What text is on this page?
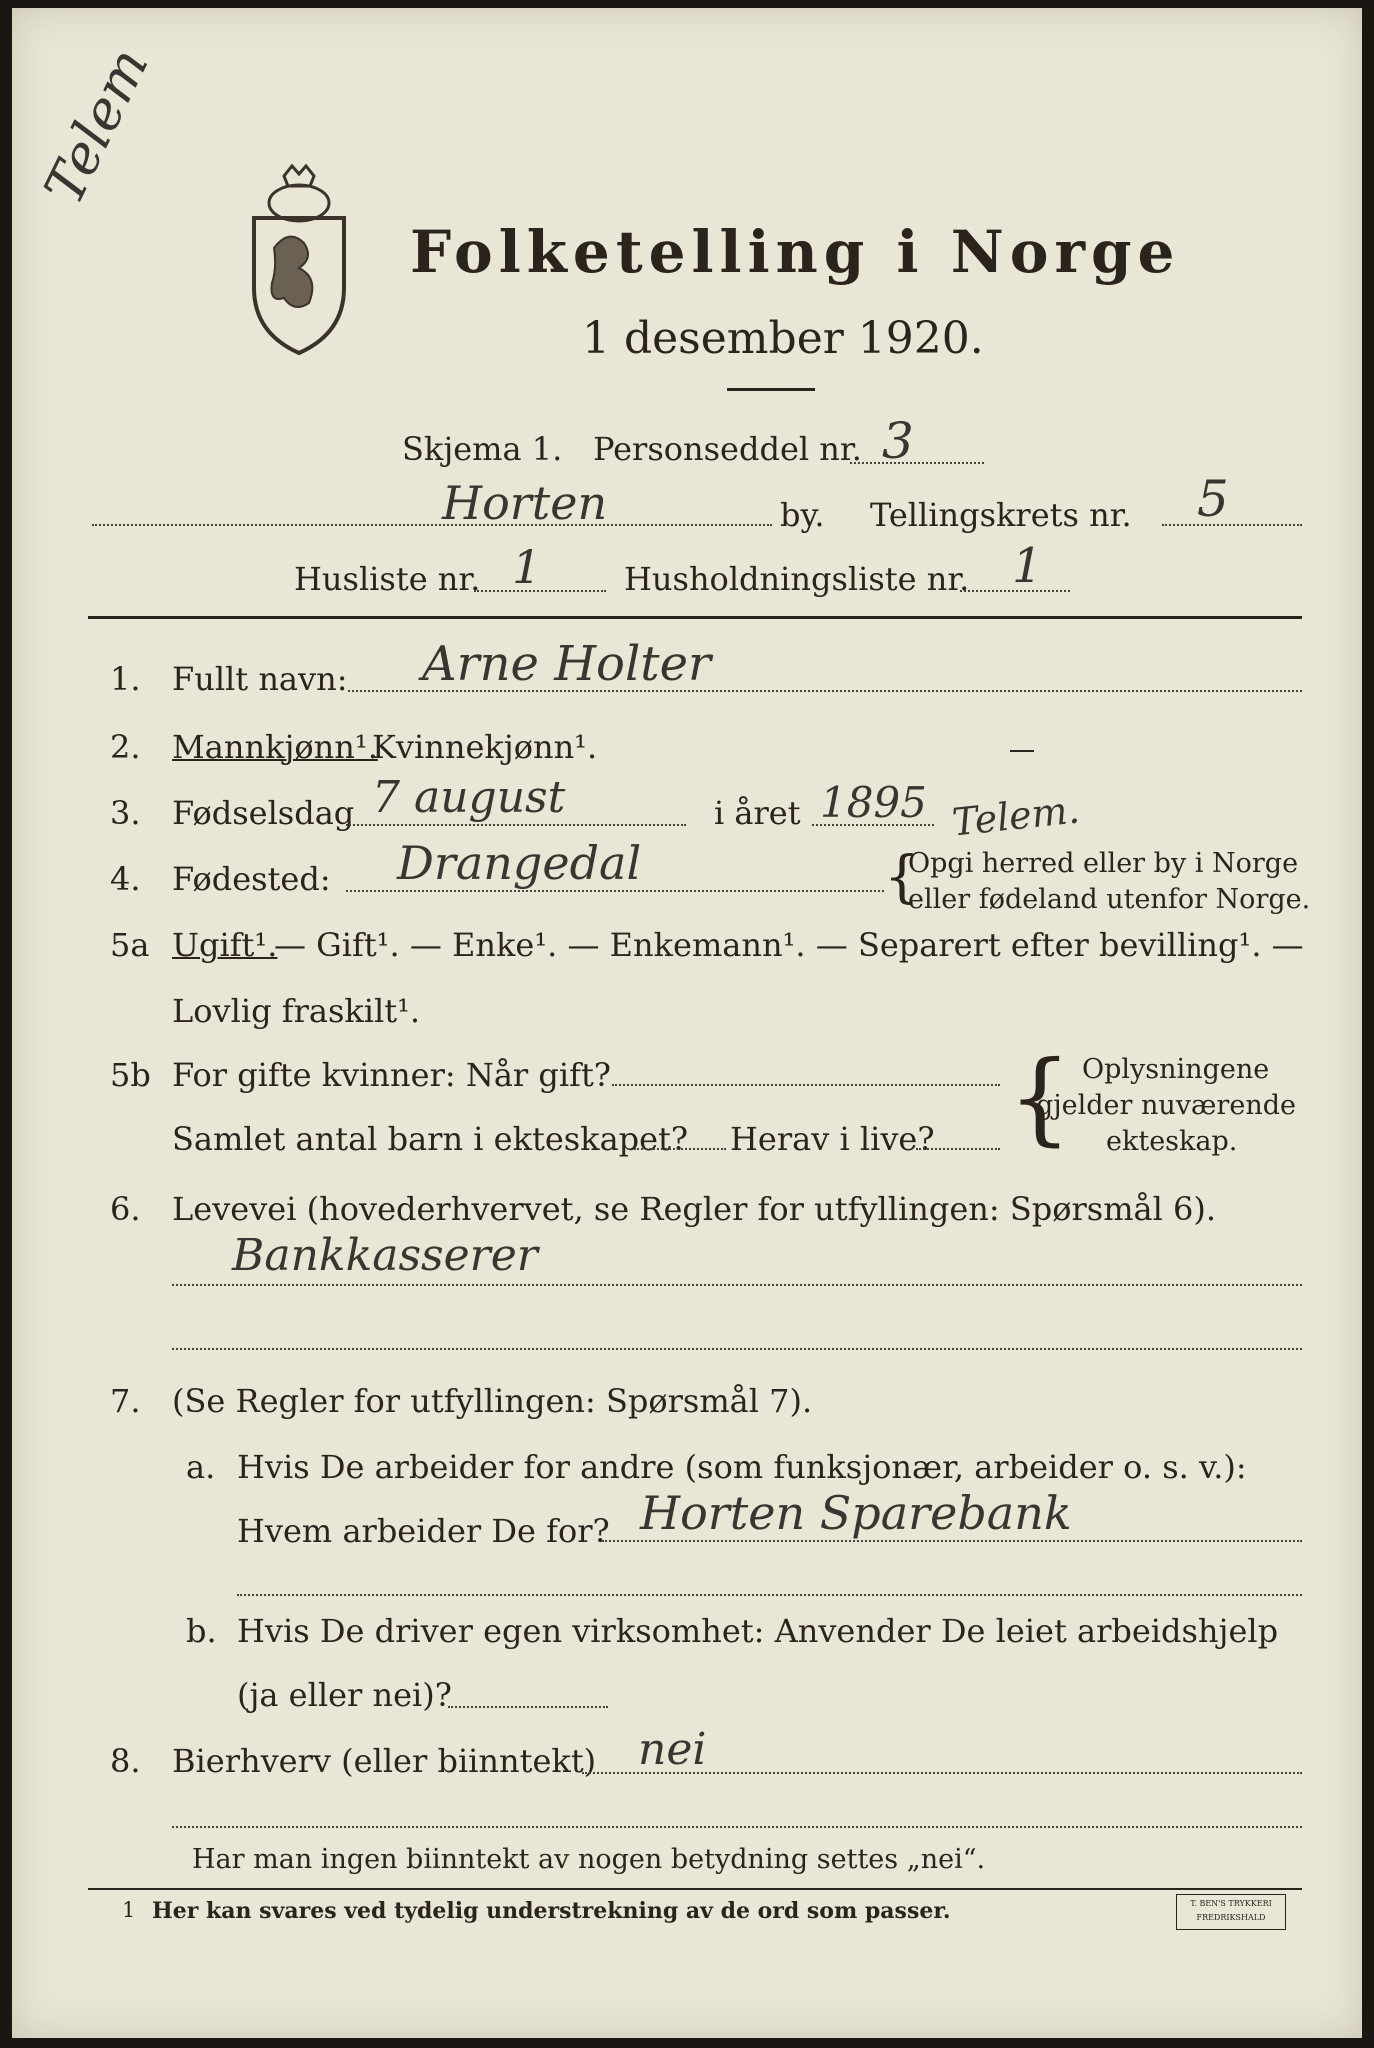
Telem
Folketelling i Norge
1 desember 1920.
Skjema 1. Personseddel nr. 3
Horten	by. Tellingskrets nr. 5
Husliste nr. 1	Husholdningsliste nr. 1
1. Fullt navn: Arne Holter
2. Mannkjønn¹.
Kvinnekjønn¹.
3. Fødselsdag 7 august	i året 1895 Telem.
4. Fødested: Drangedal	{
Opgi herred eller by i Norge
eller fødeland utenfor Norge.
5a Ugift¹.
— Gift¹. — Enke¹. — Enkemann¹. — Separert efter bevilling¹. —
Lovlig fraskilt¹.
5b For gifte kvinner: Når gift?
Samlet antal barn i ekteskapet? Herav i live? { Oplysningene
gjelder nuværende
ekteskap.
6. Levevei (hovederhvervet, se Regler for utfyllingen: Spørsmål 6).
Bankkasserer
7. (Se Regler for utfyllingen: Spørsmål 7).
a. Hvis De arbeider for andre (som funksjonær, arbeider o. s. v.):
Hvem arbeider De for? Horten Sparebank
b. Hvis De driver egen virksomhet: Anvender De leiet arbeidshjelp
(ja eller nei)?
8. Bierhverv (eller biinntekt) nei
Har man ingen biinntekt av nogen betydning settes „nei“.
1 Her kan svares ved tydelig understrekning av de ord som passer.	T. BEN'S TRYKKERI
FREDRIKSHALD
